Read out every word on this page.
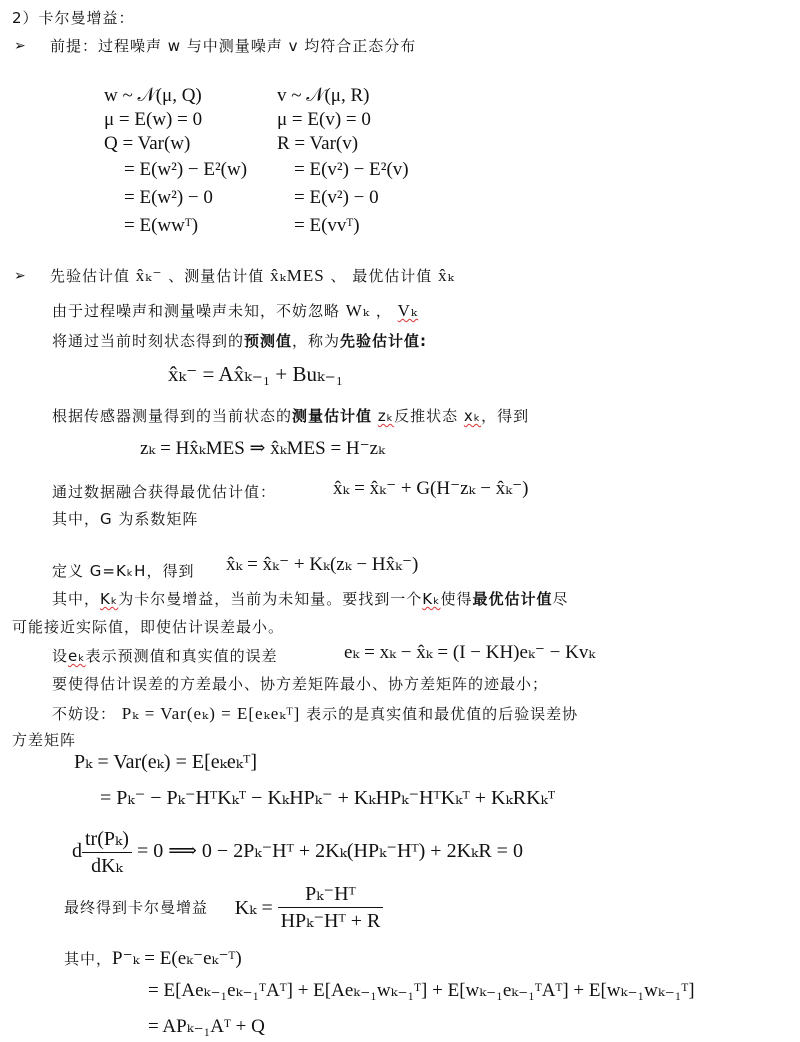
2）卡尔曼增益：
➢ 前提：过程噪声 w 与中测量噪声 v 均符合正态分布
w ~ 𝒩(μ, Q)
μ = E(w) = 0
Q = Var(w)
= E(w²) − E²(w)
= E(w²) − 0
= E(wwᵀ)
v ~ 𝒩(μ, R)
μ = E(v) = 0
R = Var(v)
= E(v²) − E²(v)
= E(v²) − 0
= E(vvᵀ)
➢ 先验估计值 x̂ₖ⁻ 、测量估计值 x̂ₖMES 、 最优估计值 x̂ₖ
由于过程噪声和测量噪声未知，不妨忽略 Wₖ ， Vₖ
将通过当前时刻状态得到的预测值，称为先验估计值:
x̂ₖ⁻ = Ax̂ₖ₋₁ + Buₖ₋₁
根据传感器测量得到的当前状态的测量估计值 zₖ反推状态 xₖ，得到
zₖ = Hx̂ₖMES ⇒ x̂ₖMES = H⁻zₖ
通过数据融合获得最优估计值：	x̂ₖ = x̂ₖ⁻ + G(H⁻zₖ − x̂ₖ⁻)
其中，G 为系数矩阵
定义 G=KₖH，得到 x̂ₖ = x̂ₖ⁻ + Kₖ(zₖ − Hx̂ₖ⁻)
其中，Kₖ为卡尔曼增益，当前为未知量。要找到一个Kₖ使得最优估计值尽
可能接近实际值，即使估计误差最小。
设eₖ表示预测值和真实值的误差	eₖ = xₖ − x̂ₖ = (I − KH)eₖ⁻ − Kvₖ
要使得估计误差的方差最小、协方差矩阵最小、协方差矩阵的迹最小；
不妨设： Pₖ = Var(eₖ) = E[eₖeₖᵀ] 表示的是真实值和最优值的后验误差协
方差矩阵
Pₖ = Var(eₖ) = E[eₖeₖᵀ]
= Pₖ⁻ − Pₖ⁻HᵀKₖᵀ − KₖHPₖ⁻ + KₖHPₖ⁻HᵀKₖᵀ + KₖRKₖᵀ
d $\frac{\text{tr(Pₖ)}}{\text{dKₖ}} = 0$ ⟹ 0 − 2Pₖ⁻Hᵀ + 2Kₖ(HPₖ⁻Hᵀ) + 2KₖR = 0
最终得到卡尔曼增益 $K_k = \frac{\text{Pₖ⁻Hᵀ}}{\text{HPₖ⁻Hᵀ + R}}$
其中，P⁻ₖ = E(eₖ⁻eₖ⁻ᵀ)
= E[Aeₖ₋₁eₖ₋₁ᵀAᵀ] + E[Aeₖ₋₁wₖ₋₁ᵀ] + E[wₖ₋₁eₖ₋₁ᵀAᵀ] + E[wₖ₋₁wₖ₋₁ᵀ]
= APₖ₋₁Aᵀ + Q
